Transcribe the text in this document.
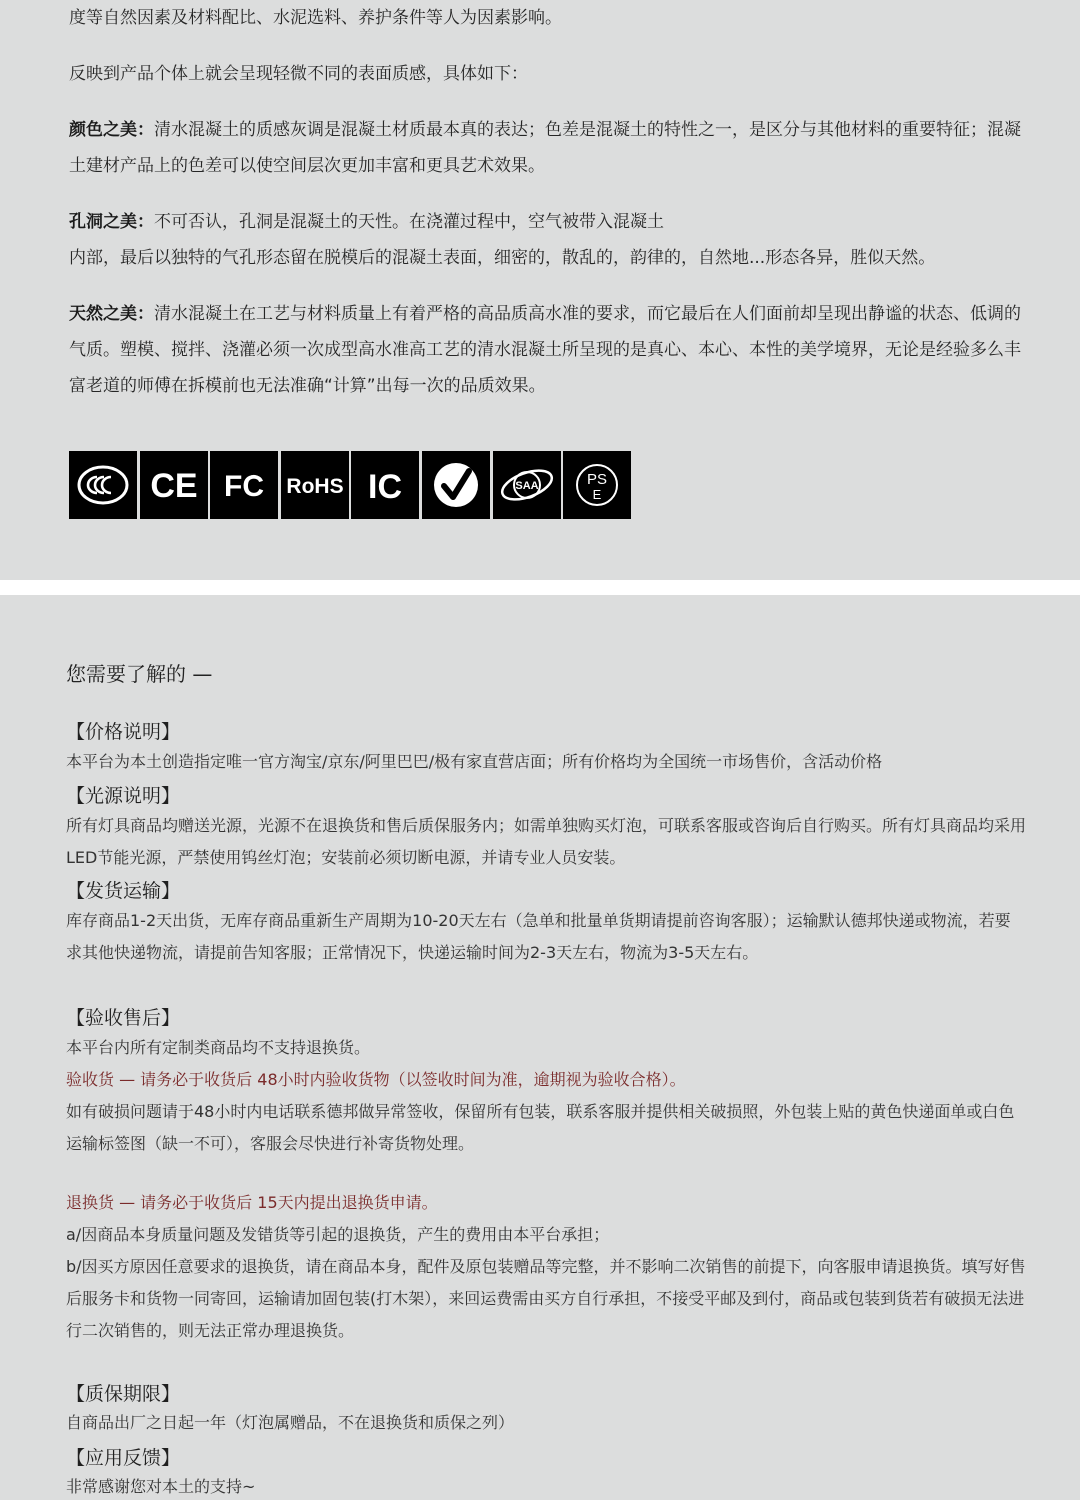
度等自然因素及材料配比、水泥选料、养护条件等人为因素影响。

反映到产品个体上就会呈现轻微不同的表面质感，具体如下：

颜色之美：清水混凝土的质感灰调是混凝土材质最本真的表达；色差是混凝土的特性之一，是区分与其他材料的重要特征；混凝土建材产品上的色差可以使空间层次更加丰富和更具艺术效果。

孔洞之美：不可否认，孔洞是混凝土的天性。在浇灌过程中，空气被带入混凝土
内部，最后以独特的气孔形态留在脱模后的混凝土表面，细密的，散乱的，韵律的，自然地...形态各异，胜似天然。

天然之美：清水混凝土在工艺与材料质量上有着严格的高品质高水准的要求，而它最后在人们面前却呈现出静谧的状态、低调的气质。塑模、搅拌、浇灌必须一次成型高水准高工艺的清水混凝土所呈现的是真心、本心、本性的美学境界，无论是经验多么丰富老道的师傅在拆模前也无法准确“计算”出每一次的品质效果。

CE FC RoHS IC	SAA	PS
E

您需要了解的 —

【价格说明】

本平台为本土创造指定唯一官方淘宝/京东/阿里巴巴/极有家直营店面；所有价格均为全国统一市场售价，含活动价格

【光源说明】

所有灯具商品均赠送光源，光源不在退换货和售后质保服务内；如需单独购买灯泡，可联系客服或咨询后自行购买。所有灯具商品均采用LED节能光源，严禁使用钨丝灯泡；安装前必须切断电源，并请专业人员安装。

【发货运输】

库存商品1-2天出货，无库存商品重新生产周期为10-20天左右（急单和批量单货期请提前咨询客服）；运输默认德邦快递或物流，若要求其他快递物流，请提前告知客服；正常情况下，快递运输时间为2-3天左右，物流为3-5天左右。

【验收售后】

本平台内所有定制类商品均不支持退换货。

验收货 — 请务必于收货后 48小时内验收货物（以签收时间为准，逾期视为验收合格）。

如有破损问题请于48小时内电话联系德邦做异常签收，保留所有包装，联系客服并提供相关破损照，外包装上贴的黄色快递面单或白色运输标签图（缺一不可），客服会尽快进行补寄货物处理。

退换货 — 请务必于收货后 15天内提出退换货申请。

a/因商品本身质量问题及发错货等引起的退换货，产生的费用由本平台承担；

b/因买方原因任意要求的退换货，请在商品本身，配件及原包装赠品等完整，并不影响二次销售的前提下，向客服申请退换货。填写好售后服务卡和货物一同寄回，运输请加固包装(打木架），来回运费需由买方自行承担，不接受平邮及到付，商品或包装到货若有破损无法进行二次销售的，则无法正常办理退换货。

【质保期限】

自商品出厂之日起一年（灯泡属赠品，不在退换货和质保之列）

【应用反馈】

非常感谢您对本土的支持~
